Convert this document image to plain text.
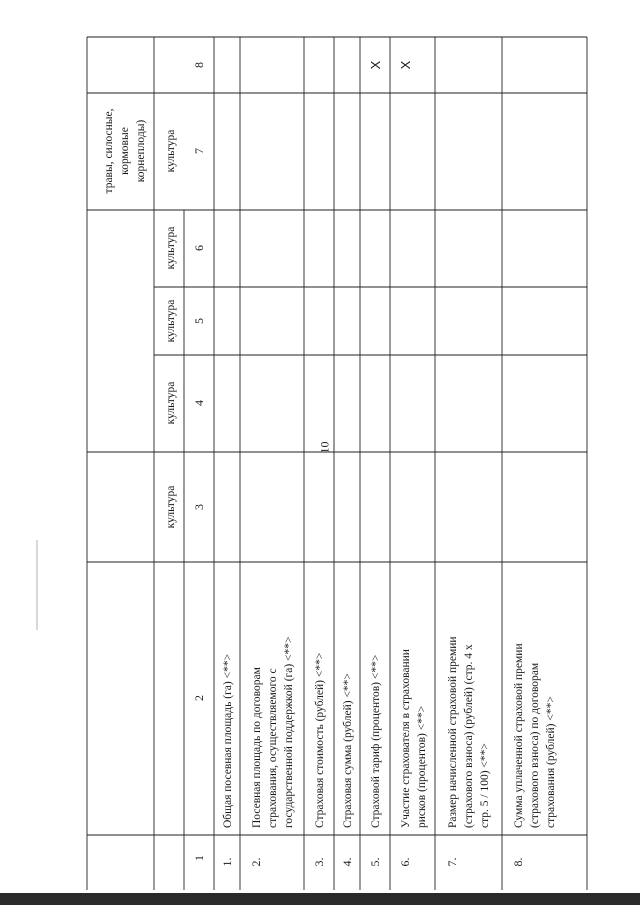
10
1
2
культура
культура
культура
культура
культура
травы, силосные, кормовые корнеплоды)
3
4
5
6
7
8
1.
Общая посевная площадь (га) <**>
2.
Посевная площадь по договорам страхования, осуществляемого с государственной поддержкой (га) <**>
3.
Страховая стоимость (рублей) <**>
4.
Страховая сумма (рублей) <**>
5.
Страховой тариф (процентов) <**>
X
6.
Участие страхователя в страховании рисков (процентов) <**>
X
7.
Размер начисленной страховой премии (страхового взноса) (рублей) (стр. 4 x стр. 5 / 100) <**>
8.
Сумма уплаченной страховой премии (страхового взноса) по договорам страхования (рублей) <**>
